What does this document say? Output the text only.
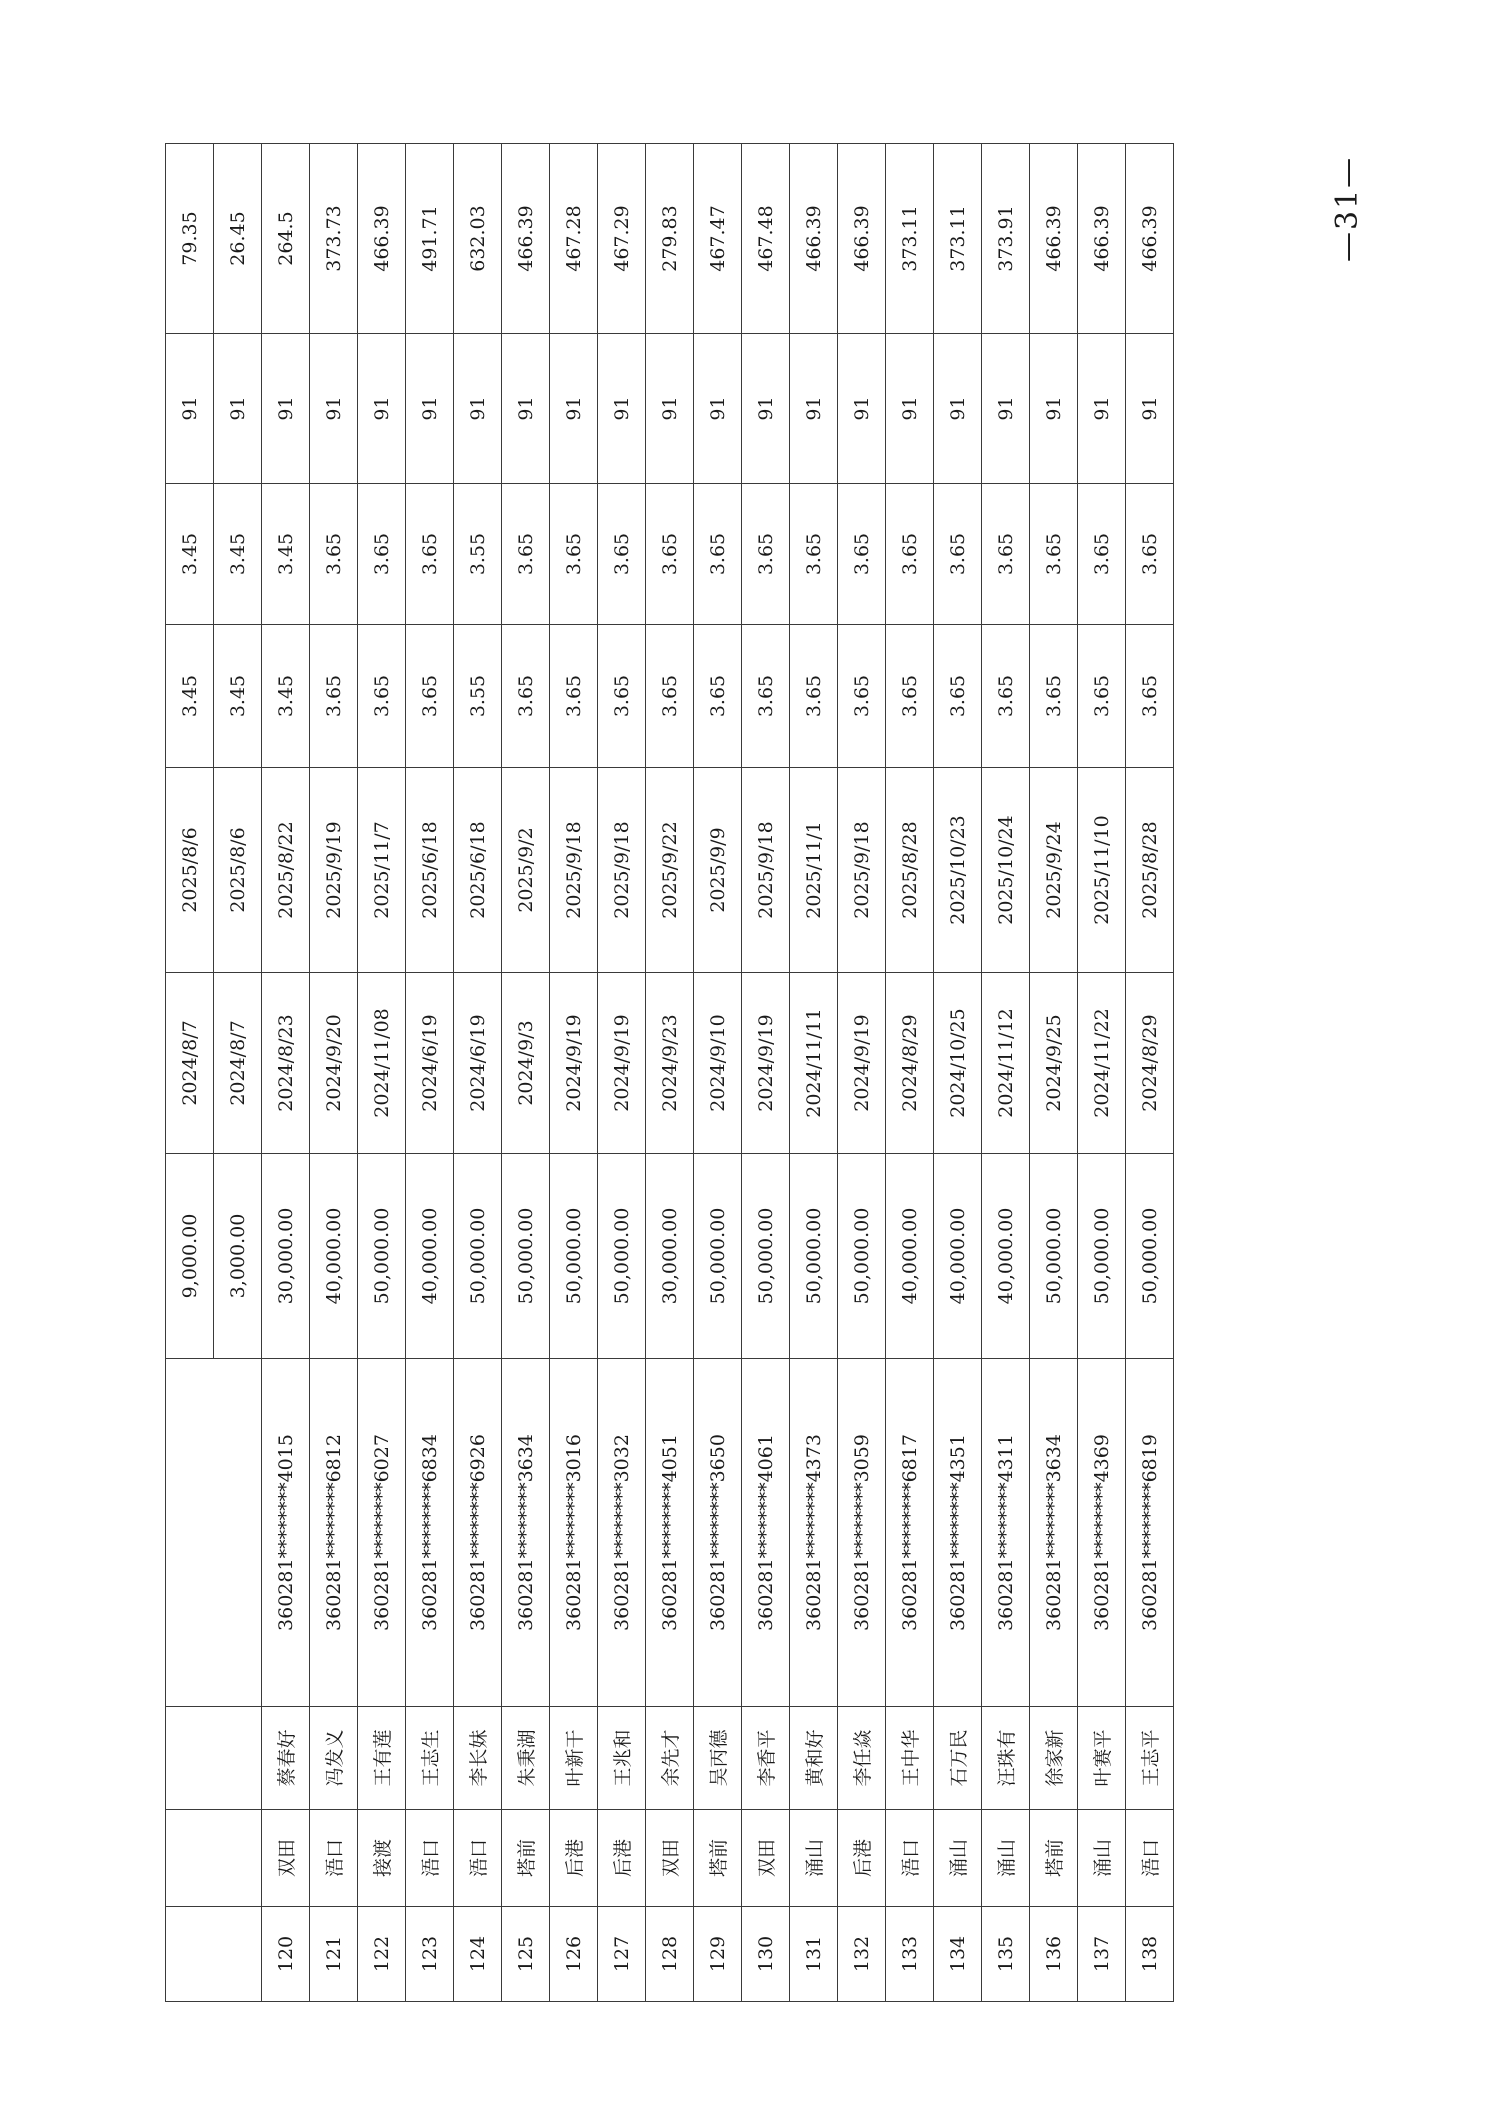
				9,000.00	2024/8/7	2025/8/6	3.45	3.45	91	79.35
				3,000.00	2024/8/7	2025/8/6	3.45	3.45	91	26.45
120	双田	蔡春好	360281********4015	30,000.00	2024/8/23	2025/8/22	3.45	3.45	91	264.5
121	浯口	冯发义	360281********6812	40,000.00	2024/9/20	2025/9/19	3.65	3.65	91	373.73
122	接渡	王有莲	360281********6027	50,000.00	2024/11/08	2025/11/7	3.65	3.65	91	466.39
123	浯口	王志生	360281********6834	40,000.00	2024/6/19	2025/6/18	3.65	3.65	91	491.71
124	浯口	李长妹	360281********6926	50,000.00	2024/6/19	2025/6/18	3.55	3.55	91	632.03
125	塔前	朱秉湖	360281********3634	50,000.00	2024/9/3	2025/9/2	3.65	3.65	91	466.39
126	后港	叶新干	360281********3016	50,000.00	2024/9/19	2025/9/18	3.65	3.65	91	467.28
127	后港	王兆和	360281********3032	50,000.00	2024/9/19	2025/9/18	3.65	3.65	91	467.29
128	双田	余先才	360281********4051	30,000.00	2024/9/23	2025/9/22	3.65	3.65	91	279.83
129	塔前	吴丙德	360281********3650	50,000.00	2024/9/10	2025/9/9	3.65	3.65	91	467.47
130	双田	李香平	360281********4061	50,000.00	2024/9/19	2025/9/18	3.65	3.65	91	467.48
131	涌山	黄和好	360281********4373	50,000.00	2024/11/11	2025/11/1	3.65	3.65	91	466.39
132	后港	李任焱	360281********3059	50,000.00	2024/9/19	2025/9/18	3.65	3.65	91	466.39
133	浯口	王中华	360281********6817	40,000.00	2024/8/29	2025/8/28	3.65	3.65	91	373.11
134	涌山	石万民	360281********4351	40,000.00	2024/10/25	2025/10/23	3.65	3.65	91	373.11
135	涌山	汪珠有	360281********4311	40,000.00	2024/11/12	2025/10/24	3.65	3.65	91	373.91
136	塔前	徐家新	360281********3634	50,000.00	2024/9/25	2025/9/24	3.65	3.65	91	466.39
137	涌山	叶赛平	360281********4369	50,000.00	2024/11/22	2025/11/10	3.65	3.65	91	466.39
138	浯口	王志平	360281********6819	50,000.00	2024/8/29	2025/8/28	3.65	3.65	91	466.39	—31—
